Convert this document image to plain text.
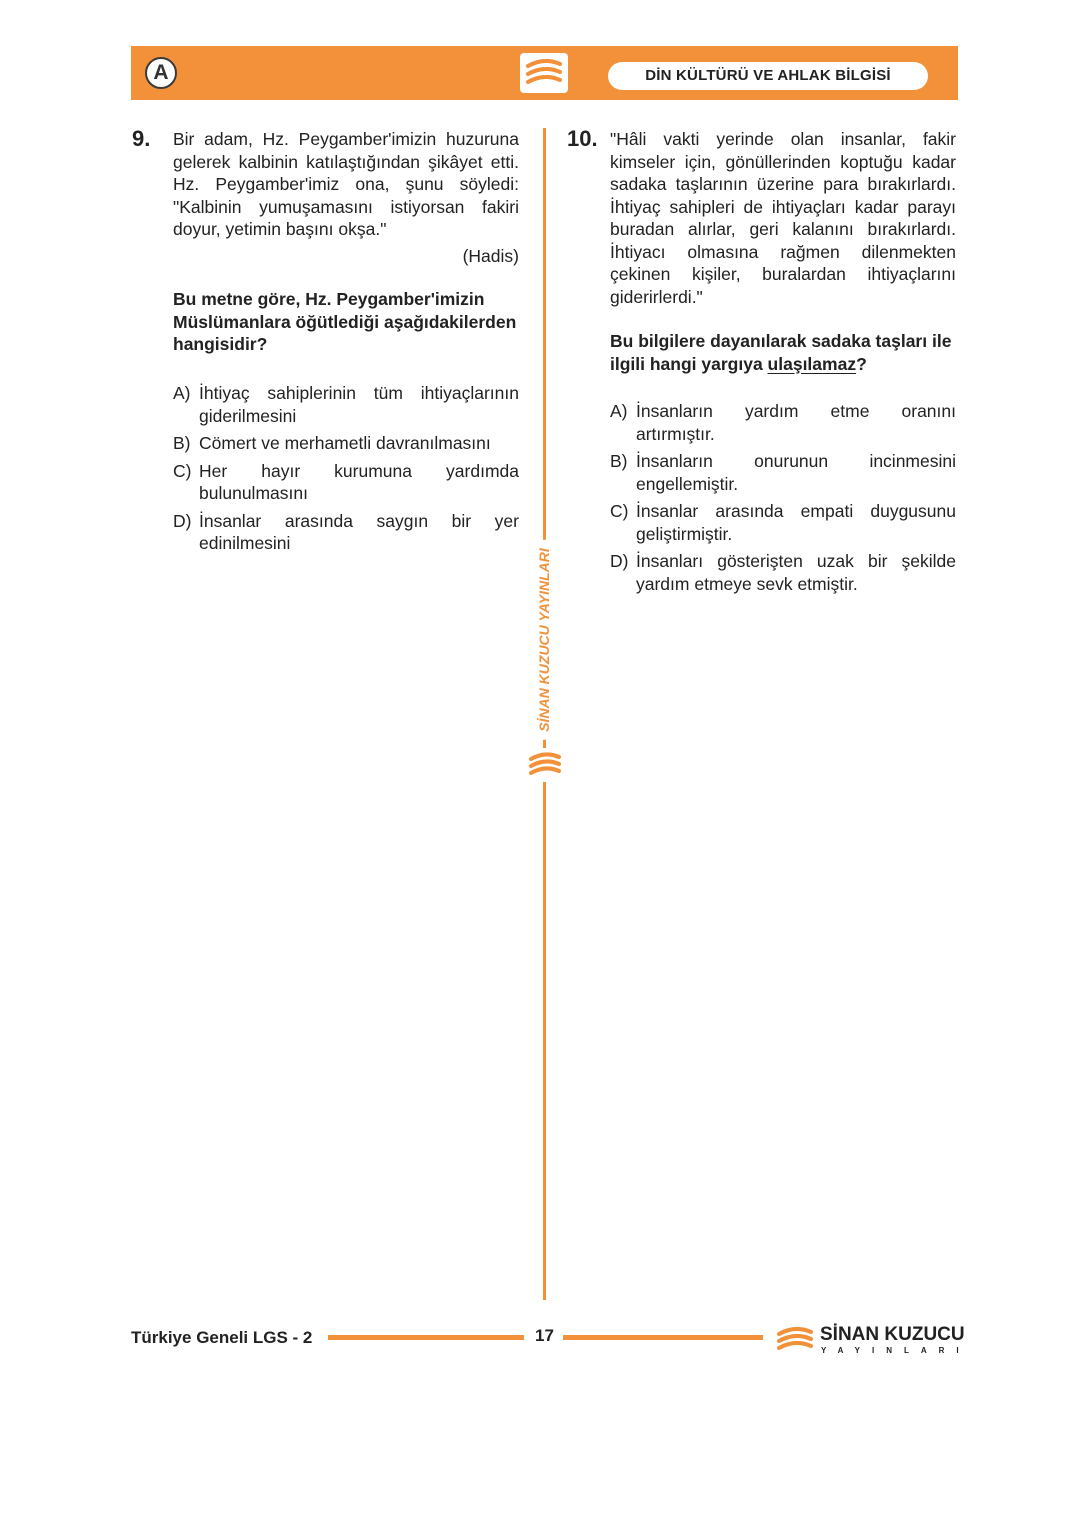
A	DİN KÜLTÜRÜ VE AHLAK BİLGİSİ
SİNAN KUZUCU YAYINLARI
9. Bir adam, Hz. Peygamber'imizin huzuruna gelerek kalbinin katılaştığından şikâyet etti. Hz. Peygamber'imiz ona, şunu söyledi: "Kalbinin yumuşamasını istiyorsan fakiri doyur, yetimin başını okşa."

(Hadis)

Bu metne göre, Hz. Peygamber'imizin Müslümanlara öğütlediği aşağıdakilerden hangisidir?
A) İhtiyaç sahiplerinin tüm ihtiyaçlarının giderilmesini
B) Cömert ve merhametli davranılmasını
C) Her hayır kurumuna yardımda bulunulmasını
D) İnsanlar arasında saygın bir yer edinilmesini
10. "Hâli vakti yerinde olan insanlar, fakir kimseler için, gönüllerinden koptuğu kadar sadaka taşlarının üzerine para bırakırlardı. İhtiyaç sahipleri de ihtiyaçları kadar parayı buradan alırlar, geri kalanını bırakırlardı. İhtiyacı olmasına rağmen dilenmekten çekinen kişiler, buralardan ihtiyaçlarını giderirlerdi."

Bu bilgilere dayanılarak sadaka taşları ile ilgili hangi yargıya ulaşılamaz?
A) İnsanların yardım etme oranını artırmıştır.
B) İnsanların onurunun incinmesini engellemiştir.
C) İnsanlar arasında empati duygusunu geliştirmiştir.
D) İnsanları gösterişten uzak bir şekilde yardım etmeye sevk etmiştir.
Türkiye Geneli LGS - 2	17	SİNAN KUZUCU
YAYINLARI
